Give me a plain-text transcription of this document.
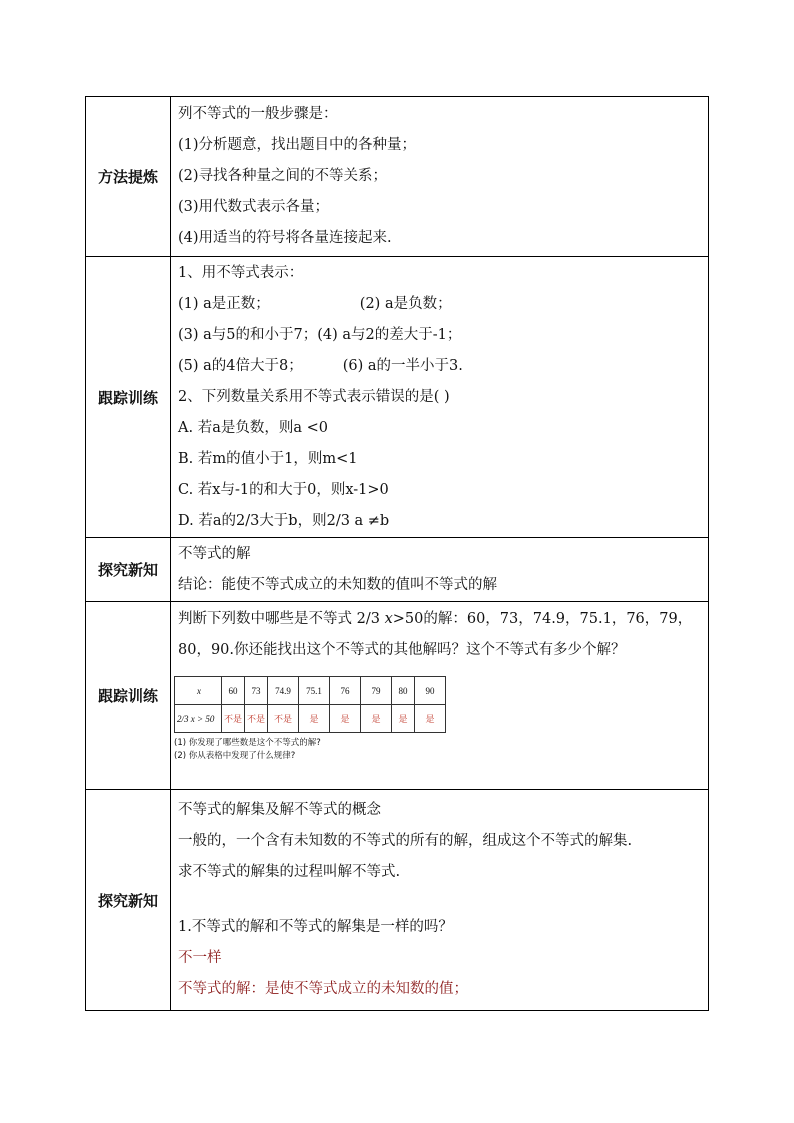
方法提炼	
列不等式的一般步骤是：
(1)分析题意，找出题目中的各种量；
(2)寻找各种量之间的不等关系；
(3)用代数式表示各量；
(4)用适当的符号将各量连接起来.

跟踪训练	
1、用不等式表示：
(1) a是正数；	(2) a是负数；
(3) a与5的和小于7；(4) a与2的差大于-1；
(5) a的4倍大于8；	(6) a的一半小于3.
2、下列数量关系用不等式表示错误的是( )
A. 若a是负数，则a <0
B. 若m的值小于1，则m<1
C. 若x与-1的和大于0，则x-1>0
D. 若a的2/3大于b，则2/3 a ≠b

探究新知	
不等式的解
结论：能使不等式成立的未知数的值叫不等式的解

跟踪训练	
判断下列数中哪些是不等式 2/3 x>50的解：60，73，74.9，75.1，76，79，80，90.你还能找出这个不等式的其他解吗？这个不等式有多少个解？
x	60	73	74.9	75.1	76	79	80	90
2/3 x > 50	不是	不是	不是	是	是	是	是	是
(1) 你发现了哪些数是这个不等式的解?
(2) 你从表格中发现了什么规律?

探究新知	
不等式的解集及解不等式的概念
一般的，一个含有未知数的不等式的所有的解，组成这个不等式的解集.
求不等式的解集的过程叫解不等式.
1.不等式的解和不等式的解集是一样的吗？
不一样
不等式的解：是使不等式成立的未知数的值；
